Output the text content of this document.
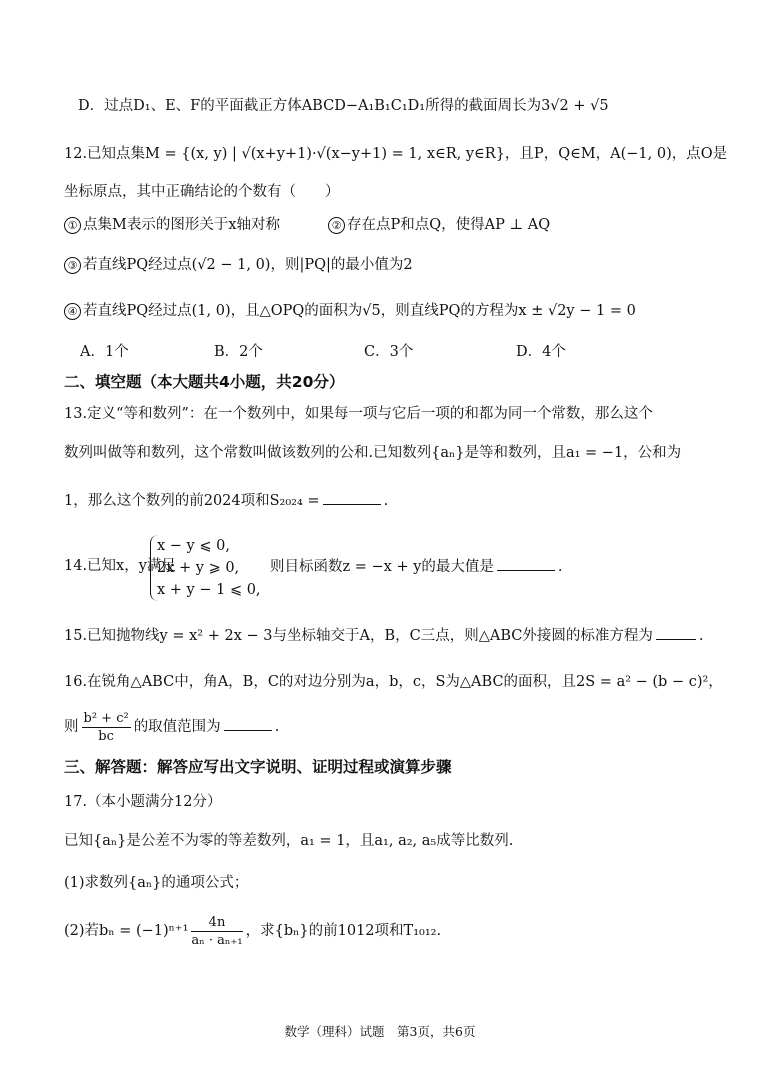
D．过点D₁、E、F的平面截正方体ABCD−A₁B₁C₁D₁所得的截面周长为3√2 + √5
12.已知点集M = {(x, y) | √(x+y+1)·√(x−y+1) = 1, x∈R, y∈R}，且P，Q∈M，A(−1, 0)，点O是
坐标原点，其中正确结论的个数有（　　）
① 点集M表示的图形关于x轴对称	② 存在点P和点Q，使得AP ⊥ AQ
③ 若直线PQ经过点(√2 − 1, 0)，则|PQ|的最小值为2
④ 若直线PQ经过点(1, 0)，且△OPQ的面积为√5，则直线PQ的方程为x ± √2y − 1 = 0
A．1个	B．2个	C．3个	D．4个
二、填空题（本大题共4小题，共20分）
13.定义“等和数列”：在一个数列中，如果每一项与它后一项的和都为同一个常数，那么这个
数列叫做等和数列，这个常数叫做该数列的公和.已知数列{aₙ}是等和数列，且a₁ = −1，公和为
1，那么这个数列的前2024项和S₂₀₂₄ =	.
14.已知x，y满足
x − y ⩽ 0,
2x + y ⩾ 0,
x + y − 1 ⩽ 0,
则目标函数z = −x + y的最大值是	.
15.已知抛物线y = x² + 2x − 3与坐标轴交于A，B，C三点，则△ABC外接圆的标准方程为	.
16.在锐角△ABC中，角A，B，C的对边分别为a，b，c，S为△ABC的面积，且2S = a² − (b − c)²，
则 $\frac{\text{b² + c²}}{bc}$ 的取值范围为	.
三、解答题：解答应写出文字说明、证明过程或演算步骤
17.（本小题满分12分）
已知{aₙ}是公差不为零的等差数列，a₁ = 1，且a₁, a₂, a₅成等比数列.
(1)求数列{aₙ}的通项公式；
(2)若$b_n = (-1)^{n+1} \frac{4n}{\text{aₙ · aₙ₊₁}}$ ，求{bₙ}的前1012项和T₁₀₁₂.
数学（理科）试题　第3页，共6页
